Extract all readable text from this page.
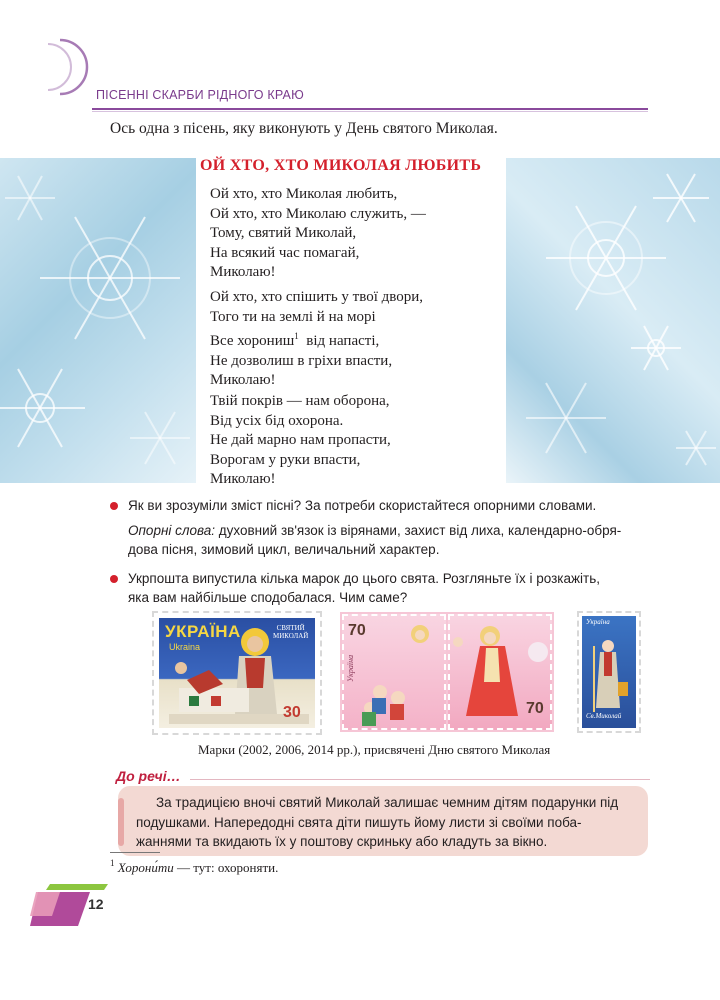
ПІСЕННІ СКАРБИ РІДНОГО КРАЮ
Ось одна з пісень, яку виконують у День святого Миколая.
ОЙ ХТО, ХТО МИКОЛАЯ ЛЮБИТЬ
Ой хто, хто Миколая любить,
Ой хто, хто Миколаю служить, —
Тому, святий Миколай,
На всякий час помагай,
Миколаю!
Ой хто, хто спішить у твої двори,
Того ти на землі й на морі
Все хорониш$^1$ від напасті,
Не дозволиш в гріхи впасти,
Миколаю!
Твій покрів — нам оборона,
Від усіх бід охорона.
Не дай марно нам пропасти,
Ворогам у руки впасти,
Миколаю!
Як ви зрозуміли зміст пісні? За потреби скористайтеся опорними словами.
Опорні слова: духовний зв'язок із вірянами, захист від лиха, календарно-обря-
дова пісня, зимовий цикл, величальний характер.
Укрпошта випустила кілька марок до цього свята. Розгляньте їх і розкажіть,
яка вам найбільше сподобалася. Чим саме?
УКРАЇНА
Ukraina
СВЯТИЙ
МИКОЛАЙ
30
70
Україна
70
Україна
Св.Миколай
Марки (2002, 2006, 2014 рр.), присвячені Дню святого Миколая
До речі…

За традицією вночі святий Миколай залишає чемним дітям подарунки під

подушками. Напередодні свята діти пишуть йому листи зі своїми поба-
жаннями та вкидають їх у поштову скриньку або кладуть за вікно.
$^1$ Хорони́ти — тут: охороняти.
12
